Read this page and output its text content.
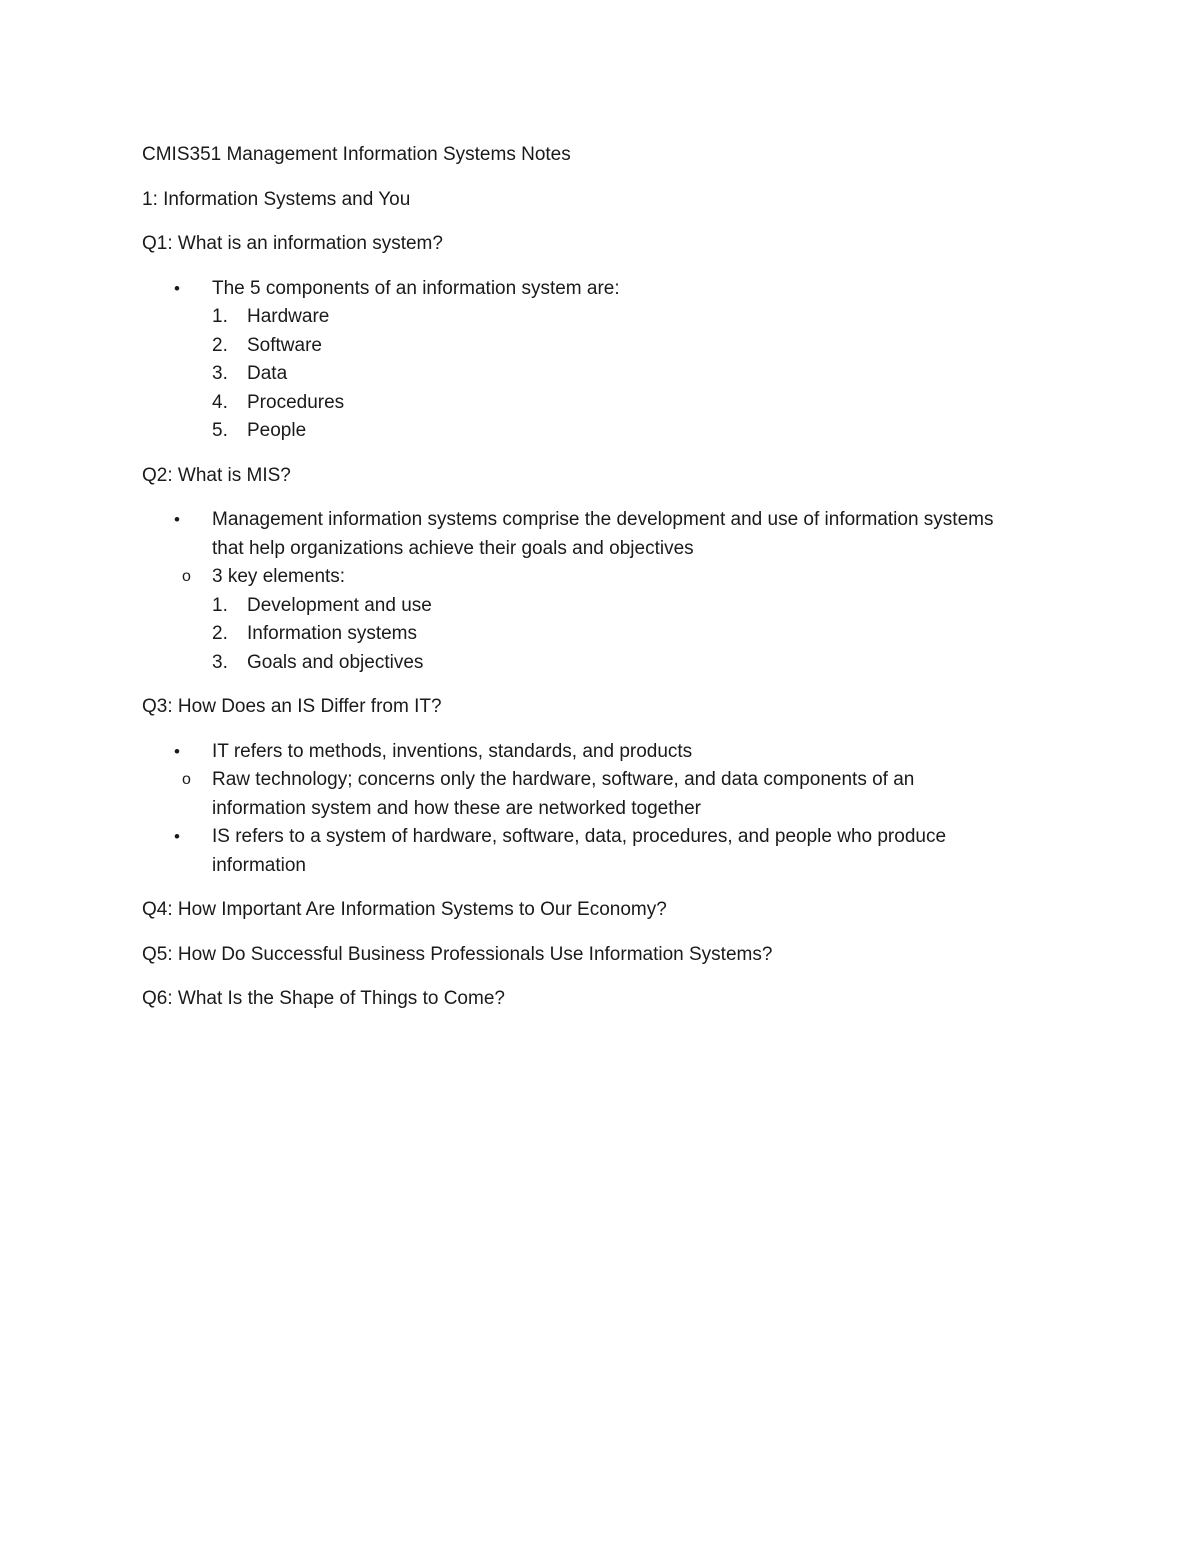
CMIS351 Management Information Systems Notes

1: Information Systems and You

Q1: What is an information system?

• The 5 components of an information system are:
1. Hardware
2. Software
3. Data
4. Procedures
5. People

Q2: What is MIS?

• Management information systems comprise the development and use of information systems
that help organizations achieve their goals and objectives
o 3 key elements:
1. Development and use
2. Information systems
3. Goals and objectives

Q3: How Does an IS Differ from IT?

• IT refers to methods, inventions, standards, and products
o Raw technology; concerns only the hardware, software, and data components of an
information system and how these are networked together
• IS refers to a system of hardware, software, data, procedures, and people who produce
information

Q4: How Important Are Information Systems to Our Economy?

Q5: How Do Successful Business Professionals Use Information Systems?

Q6: What Is the Shape of Things to Come?
